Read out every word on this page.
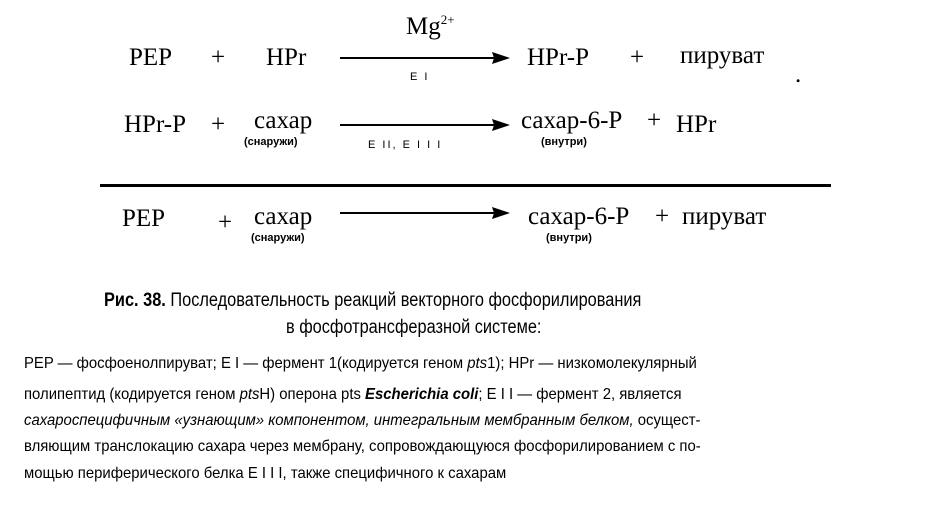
PEP + HPr
$Mg^{2+}$
E I
HPr-P + пируват
.
HPr-P + сахар
(снаружи)	E II, E I I I
сахар-6-P
(внутри)
+ HPr
PEP + сахар
(снаружи)
сахар-6-P
(внутри)
+ пируват
Рис. 38. Последовательность реакций векторного фосфорилирования
в фосфотрансферазной системе:
PEP — фосфоенолпируват; E I — фермент 1(кодируется геном pts1); HPr — низкомолекулярный
полипептид (кодируется геном ptsH) оперона pts Escherichia coli; E I I — фермент 2, является
сахароспецифичным «узнающим» компонентом, интегральным мембранным белком, осущест-
вляющим транслокацию сахара через мембрану, сопровождающуюся фосфорилированием с по-
мощью периферического белка E I I I, также специфичного к сахарам
